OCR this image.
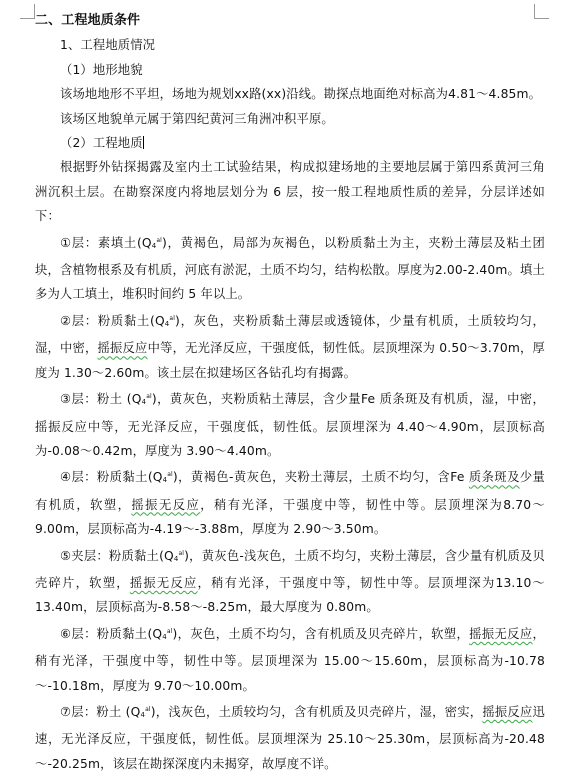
二、工程地质条件

1、工程地质情况

（1）地形地貌

该场地地形不平坦，场地为规划xx路(xx)沿线。勘探点地面绝对标高为4.81～4.85m。

该场区地貌单元属于第四纪黄河三角洲冲积平原。

（2）工程地质

根据野外钻探揭露及室内土工试验结果，构成拟建场地的主要地层属于第四系黄河三角洲沉积土层。在勘察深度内将地层划分为 6 层，按一般工程地质性质的差异，分层详述如下：

①层：素填土$(Q_4^{al})$，黄褐色，局部为灰褐色，以粉质黏土为主，夹粉土薄层及粘土团块，含植物根系及有机质，河底有淤泥，土质不均匀，结构松散。厚度为2.00-2.40m。填土多为人工填土，堆积时间约 5 年以上。

②层：粉质黏土$(Q_4^{al})$，灰色，夹粉质黏土薄层或透镜体，少量有机质，土质较均匀，湿，中密，摇振反应中等，无光泽反应，干强度低，韧性低。层顶埋深为 0.50～3.70m，厚度为 1.30～2.60m。该土层在拟建场区各钻孔均有揭露。

③层：粉土 $(Q_4^{al})$，黄灰色，夹粉质粘土薄层，含少量Fe 质条斑及有机质，湿，中密，摇振反应中等，无光泽反应，干强度低，韧性低。层顶埋深为 4.40～4.90m，层顶标高为-0.08～0.42m，厚度为 3.90～4.40m。

④层：粉质黏土$(Q_4^{al})$，黄褐色-黄灰色，夹粉土薄层，土质不均匀，含Fe 质条斑及少量有机质，软塑，摇振无反应，稍有光泽，干强度中等，韧性中等。层顶埋深为8.70～9.00m，层顶标高为-4.19～-3.88m，厚度为 2.90～3.50m。

⑤夹层：粉质黏土$(Q_4^{al})$，黄灰色-浅灰色，土质不均匀，夹粉土薄层，含少量有机质及贝壳碎片，软塑，摇振无反应，稍有光泽，干强度中等，韧性中等。层顶埋深为13.10～13.40m，层顶标高为-8.58～-8.25m，最大厚度为 0.80m。

⑥层：粉质黏土$(Q_4^{al})$，灰色，土质不均匀，含有机质及贝壳碎片，软塑，摇振无反应，稍有光泽，干强度中等，韧性中等。层顶埋深为 15.00～15.60m，层顶标高为-10.78～-10.18m，厚度为 9.70～10.00m。

⑦层：粉土 $(Q_4^{al})$，浅灰色，土质较均匀，含有机质及贝壳碎片，湿，密实，摇振反应迅速，无光泽反应，干强度低，韧性低。层顶埋深为 25.10～25.30m，层顶标高为-20.48～-20.25m，该层在勘探深度内未揭穿，故厚度不详。
